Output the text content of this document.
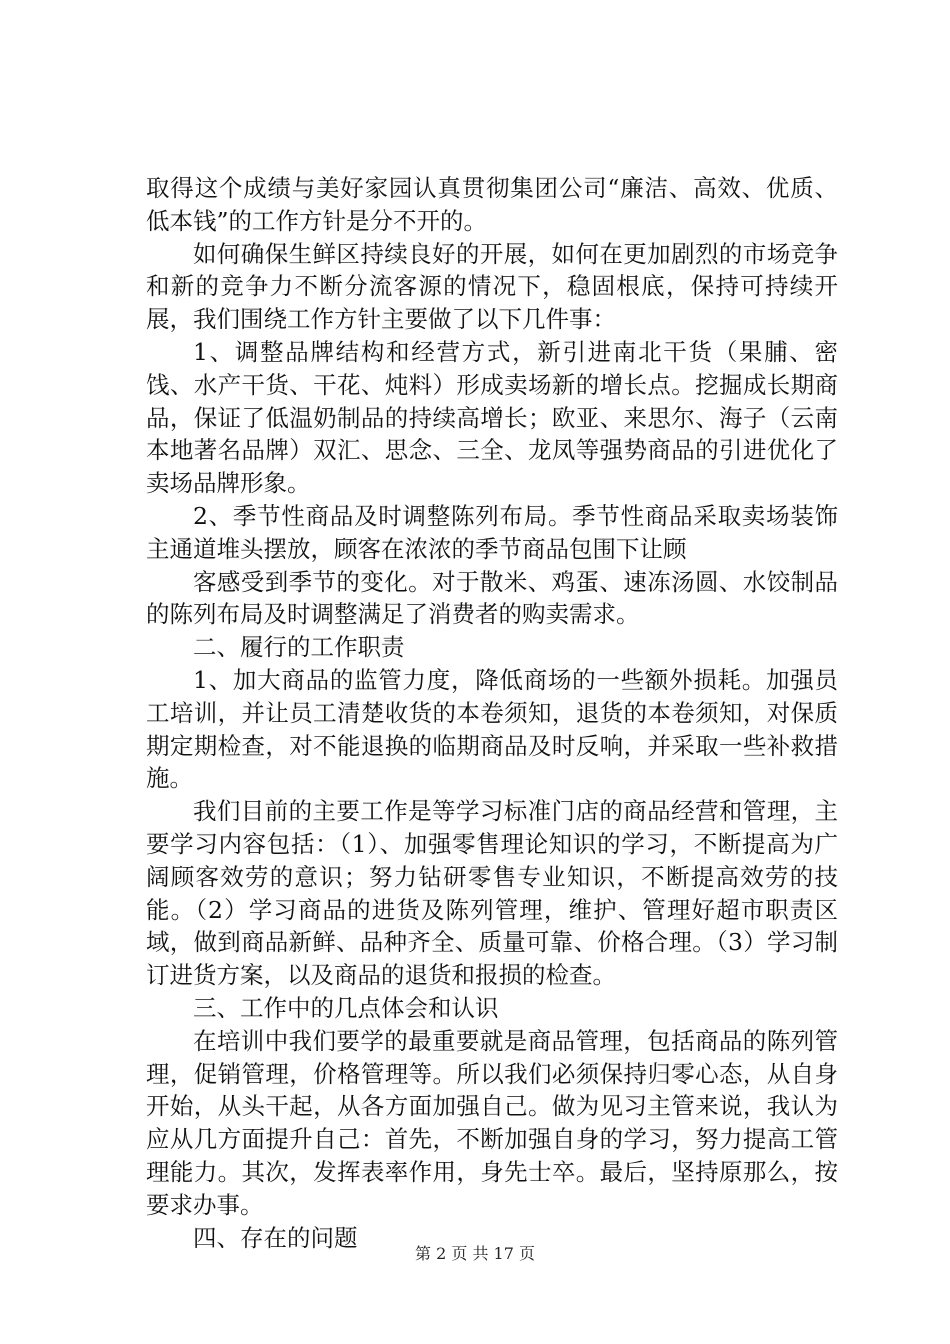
取得这个成绩与美好家园认真贯彻集团公司“廉洁、高效、优质、低本钱”的工作方针是分不开的。

如何确保生鲜区持续良好的开展，如何在更加剧烈的市场竞争和新的竞争力不断分流客源的情况下，稳固根底，保持可持续开展，我们围绕工作方针主要做了以下几件事：

1、调整品牌结构和经营方式，新引进南北干货（果脯、密饯、水产干货、干花、炖料）形成卖场新的增长点。挖掘成长期商品，保证了低温奶制品的持续高增长；欧亚、来思尔、海子（云南本地著名品牌）双汇、思念、三全、龙凤等强势商品的引进优化了卖场品牌形象。

2、季节性商品及时调整陈列布局。季节性商品采取卖场装饰主通道堆头摆放，顾客在浓浓的季节商品包围下让顾

客感受到季节的变化。对于散米、鸡蛋、速冻汤圆、水饺制品的陈列布局及时调整满足了消费者的购卖需求。

二、履行的工作职责

1、加大商品的监管力度，降低商场的一些额外损耗。加强员工培训，并让员工清楚收货的本卷须知，退货的本卷须知，对保质期定期检查，对不能退换的临期商品及时反响，并采取一些补救措施。

我们目前的主要工作是等学习标准门店的商品经营和管理，主要学习内容包括：（1）、加强零售理论知识的学习，不断提高为广阔顾客效劳的意识；努力钻研零售专业知识，不断提高效劳的技能。（2）学习商品的进货及陈列管理，维护、管理好超市职责区域，做到商品新鲜、品种齐全、质量可靠、价格合理。（3）学习制订进货方案，以及商品的退货和报损的检查。

三、工作中的几点体会和认识

在培训中我们要学的最重要就是商品管理，包括商品的陈列管理，促销管理，价格管理等。所以我们必须保持归零心态，从自身开始，从头干起，从各方面加强自己。做为见习主管来说，我认为应从几方面提升自己：首先，不断加强自身的学习，努力提高工管理能力。其次，发挥表率作用，身先士卒。最后，坚持原那么，按要求办事。

四、存在的问题

第 2 页 共 17 页
